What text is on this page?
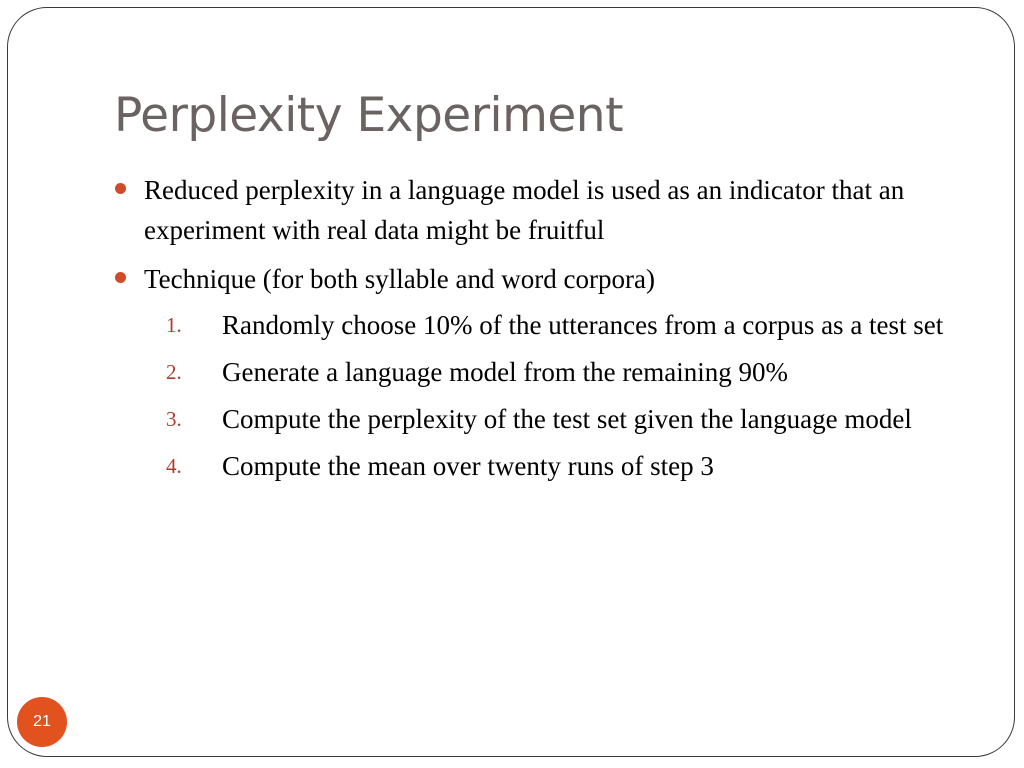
Perplexity Experiment
Reduced perplexity in a language model is used as an indicator that an experiment with real data might be fruitful
Technique (for both syllable and word corpora)
1. Randomly choose 10% of the utterances from a corpus as a test set
2. Generate a language model from the remaining 90%
3. Compute the perplexity of the test set given the language model
4. Compute the mean over twenty runs of step 3
21
